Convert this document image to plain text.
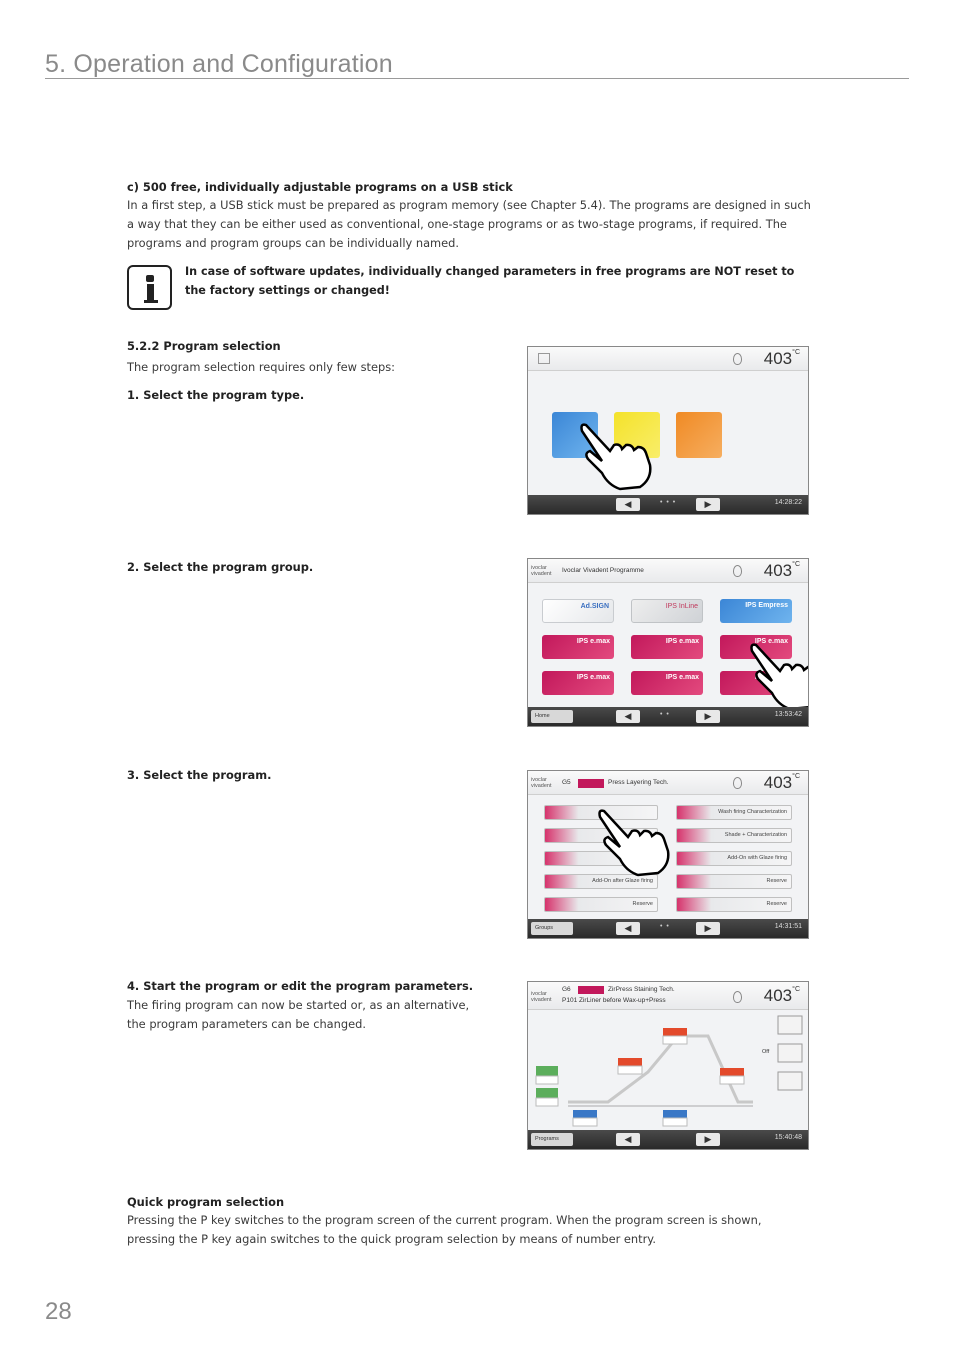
5. Operation and Configuration
c) 500 free, individually adjustable programs on a USB stick
In a first step, a USB stick must be prepared as program memory (see Chapter 5.4). The programs are designed in such a way that they can be either used as conventional, one-stage programs or as two-stage programs, if required. The programs and program groups can be individually named.
In case of software updates, individually changed parameters in free programs are NOT reset to the factory settings or changed!
5.2.2 Program selection
The program selection requires only few steps:
1. Select the program type.
2. Select the program group.
3. Select the program.
4. Start the program or edit the program parameters.
The firing program can now be started or, as an alternative, the program parameters can be changed.
$403^{^\circ C}$
◀	• • •	▶	14:28:22
ivoclar
vivadent Ivoclar Vivadent Programme	$403^{^\circ C}$
Ad.SIGN	IPS InLine	IPS Empress
IPS e.max	IPS e.max	IPS e.max
IPS e.max	IPS e.max
Home	◀	• •	▶	13:53:42
ivoclar
vivadent G5	Press Layering Tech.	$403^{^\circ C}$
Add-On after Glaze firing
Reserve
Wash firing Characterization
Shade + Characterization
Add-On with Glaze firing
Reserve
Reserve
Groups	◀	• •	▶	14:31:51
ivoclar
vivadent
G6	ZirPress Staining Tech.
P101 ZirLiner before Wax-up+Press	$403^{^\circ C}$
Off
Programs	◀	▶	15:40:48
Quick program selection
Pressing the P key switches to the program screen of the current program. When the program screen is shown, pressing the P key again switches to the quick program selection by means of number entry.
28
